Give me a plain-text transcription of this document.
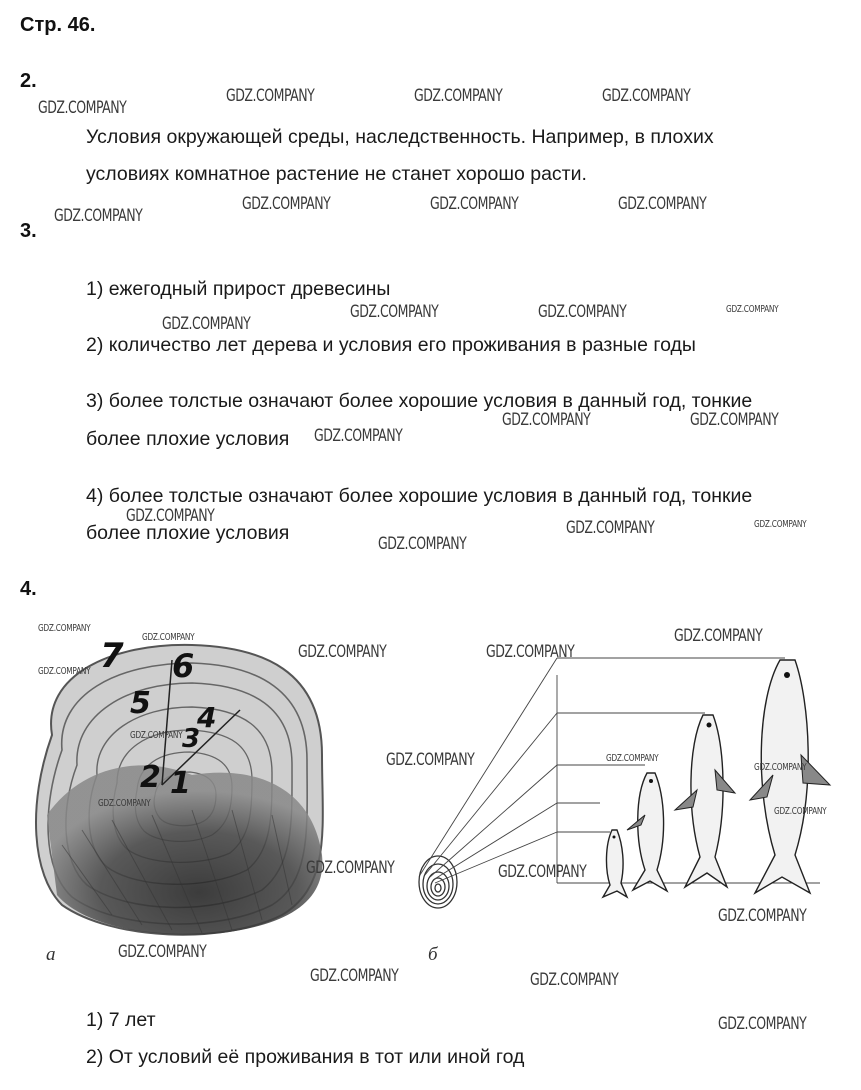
Стр. 46.
2.
Условия окружающей среды, наследственность. Например, в плохих
условиях комнатное растение не станет хорошо расти.
3.
1) ежегодный прирост древесины
2) количество лет дерева и условия его проживания в разные годы
3) более толстые означают более хорошие условия в данный год, тонкие
более плохие условия
4) более толстые означают более хорошие условия в данный год, тонкие
более плохие условия
4.
7 6
5 4
3
2 1
а	б
1) 7 лет
2) От условий её проживания в тот или иной год
GDZ.COMPANY
GDZ.COMPANY	GDZ.COMPANY	GDZ.COMPANY
GDZ.COMPANY
GDZ.COMPANY	GDZ.COMPANY	GDZ.COMPANY
GDZ.COMPANY
GDZ.COMPANY	GDZ.COMPANY	GDZ.COMPANY
GDZ.COMPANY
GDZ.COMPANY	GDZ.COMPANY
GDZ.COMPANY
GDZ.COMPANY
GDZ.COMPANY	GDZ.COMPANY
GDZ.COMPANY
GDZ.COMPANY
GDZ.COMPANY
GDZ.COMPANY	GDZ.COMPANY
GDZ.COMPANY
GDZ.COMPANY
GDZ.COMPANY	GDZ.COMPANY
GDZ.COMPANY
GDZ.COMPANY
GDZ.COMPANY
GDZ.COMPANY	GDZ.COMPANY
GDZ.COMPANY
GDZ.COMPANY
GDZ.COMPANY	GDZ.COMPANY
GDZ.COMPANY
